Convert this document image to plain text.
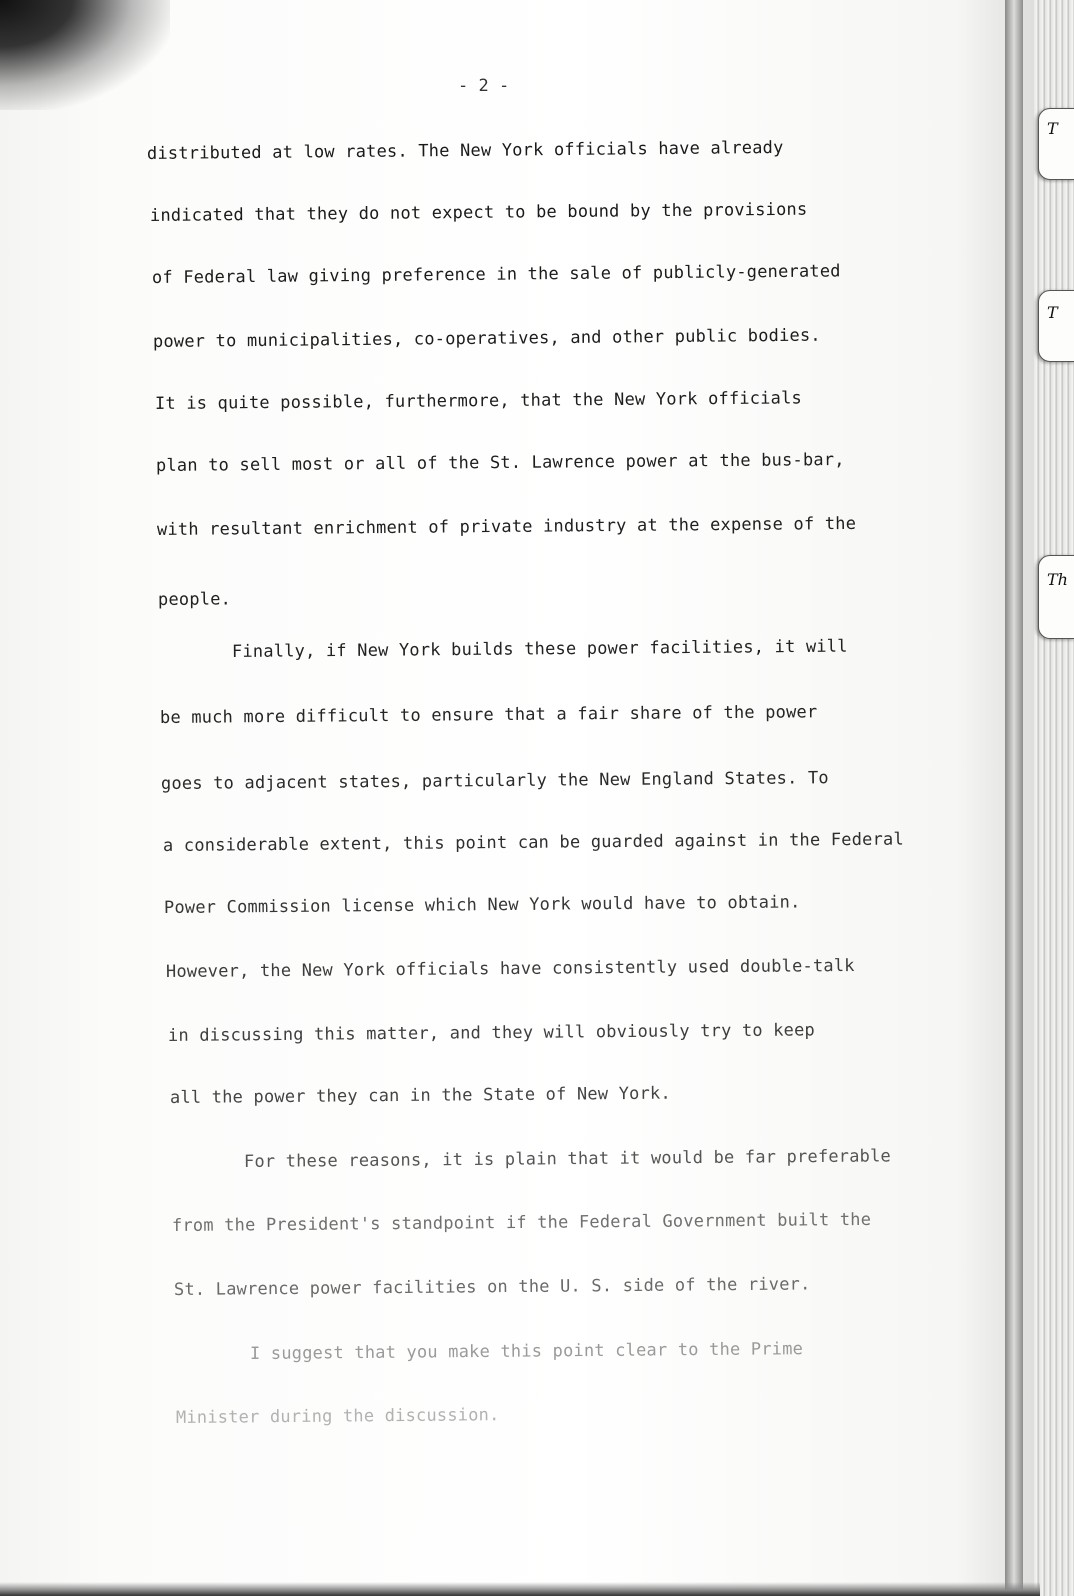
T
T
Th
- 2 -
distributed at low rates. The New York officials have already
indicated that they do not expect to be bound by the provisions
of Federal law giving preference in the sale of publicly-generated
power to municipalities, co-operatives, and other public bodies.
It is quite possible, furthermore, that the New York officials
plan to sell most or all of the St. Lawrence power at the bus-bar,
with resultant enrichment of private industry at the expense of the
people.
Finally, if New York builds these power facilities, it will
be much more difficult to ensure that a fair share of the power
goes to adjacent states, particularly the New England States. To
a considerable extent, this point can be guarded against in the Federal
Power Commission license which New York would have to obtain.
However, the New York officials have consistently used double-talk
in discussing this matter, and they will obviously try to keep
all the power they can in the State of New York.
For these reasons, it is plain that it would be far preferable
from the President's standpoint if the Federal Government built the
St. Lawrence power facilities on the U. S. side of the river.
I suggest that you make this point clear to the Prime
Minister during the discussion.
